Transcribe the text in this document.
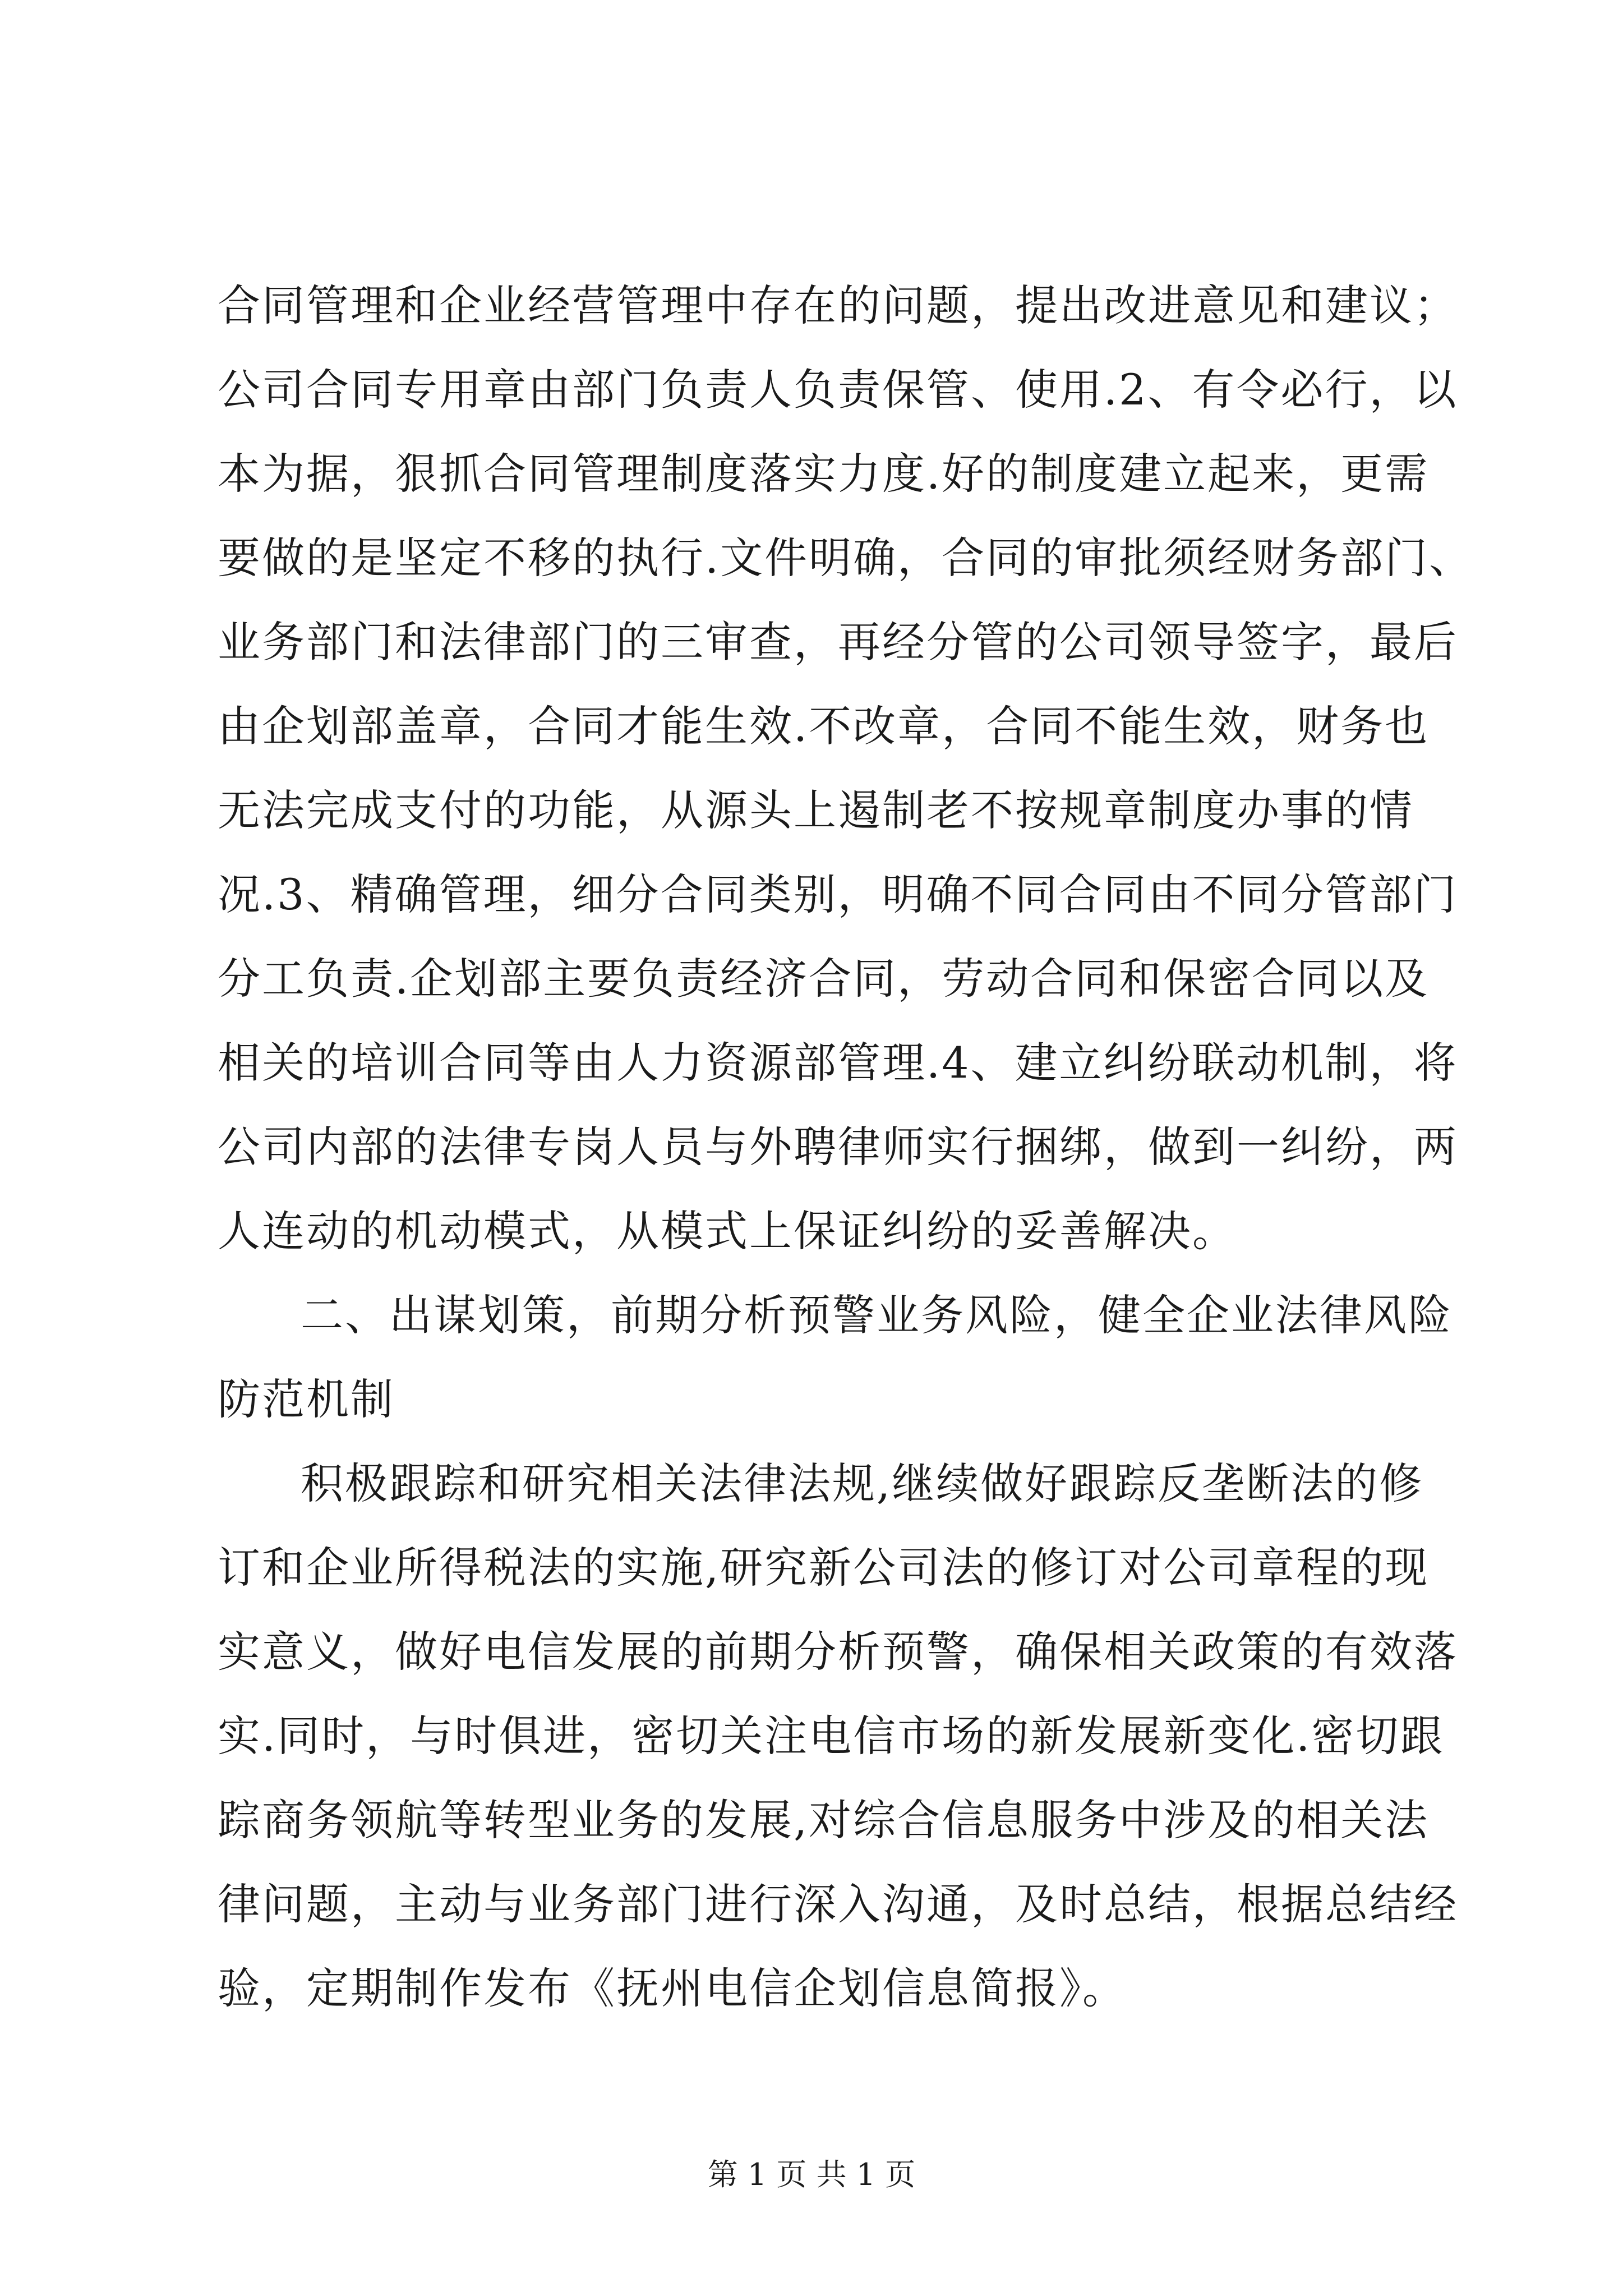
合同管理和企业经营管理中存在的问题，提出改进意见和建议；
公司合同专用章由部门负责人负责保管、使用.2、有令必行，以
本为据，狠抓合同管理制度落实力度.好的制度建立起来，更需
要做的是坚定不移的执行.文件明确，合同的审批须经财务部门、
业务部门和法律部门的三审查，再经分管的公司领导签字，最后
由企划部盖章，合同才能生效.不改章，合同不能生效，财务也
无法完成支付的功能，从源头上遏制老不按规章制度办事的情
况.3、精确管理，细分合同类别，明确不同合同由不同分管部门
分工负责.企划部主要负责经济合同，劳动合同和保密合同以及
相关的培训合同等由人力资源部管理.4、建立纠纷联动机制，将
公司内部的法律专岗人员与外聘律师实行捆绑，做到一纠纷，两
人连动的机动模式，从模式上保证纠纷的妥善解决。
二、出谋划策，前期分析预警业务风险，健全企业法律风险
防范机制
积极跟踪和研究相关法律法规,继续做好跟踪反垄断法的修
订和企业所得税法的实施,研究新公司法的修订对公司章程的现
实意义，做好电信发展的前期分析预警，确保相关政策的有效落
实.同时，与时俱进，密切关注电信市场的新发展新变化.密切跟
踪商务领航等转型业务的发展,对综合信息服务中涉及的相关法
律问题，主动与业务部门进行深入沟通，及时总结，根据总结经
验，定期制作发布《抚州电信企划信息简报》。
第 1 页 共 1 页
